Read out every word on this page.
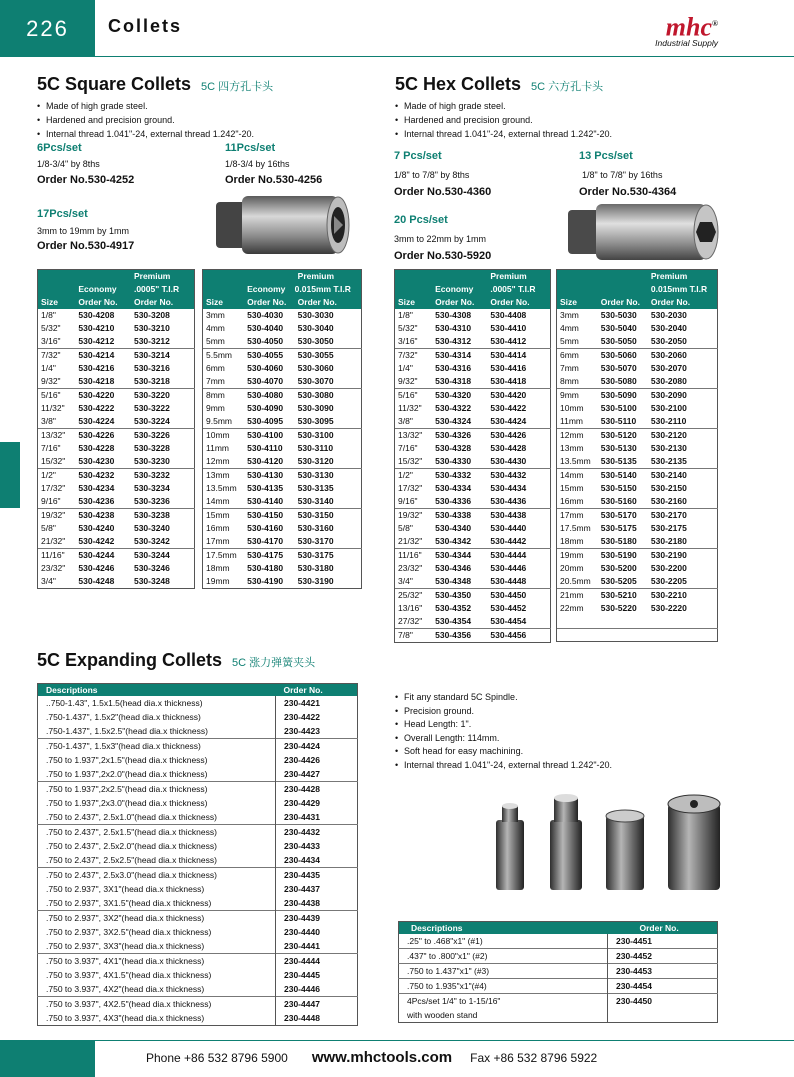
226	Collets	mhc®
Industrial Supply
5C Square Collets 5C 四方孔卡头
• Made of high grade steel.
• Hardened and precision ground.
• Internal thread 1.041"-24, external thread 1.242"-20.
6Pcs/set
1/8-3/4" by 8ths
Order No.530-4252
11Pcs/set
1/8-3/4 by 16ths
Order No.530-4256
17Pcs/set
3mm to 19mm by 1mm
Order No.530-4917
		Premium
	Economy	.0005" T.I.R
Size	Order No.	Order No.
1/8"	530-4208	530-3208
5/32"	530-4210	530-3210
3/16"	530-4212	530-3212
7/32"	530-4214	530-3214
1/4"	530-4216	530-3216
9/32"	530-4218	530-3218
5/16"	530-4220	530-3220
11/32"	530-4222	530-3222
3/8"	530-4224	530-3224
13/32"	530-4226	530-3226
7/16"	530-4228	530-3228
15/32"	530-4230	530-3230
1/2"	530-4232	530-3232
17/32"	530-4234	530-3234
9/16"	530-4236	530-3236
19/32"	530-4238	530-3238
5/8"	530-4240	530-3240
21/32"	530-4242	530-3242
11/16"	530-4244	530-3244
23/32"	530-4246	530-3246
3/4"	530-4248	530-3248
		Premium
	Economy	0.015mm T.I.R
Size	Order No.	Order No.
3mm	530-4030	530-3030
4mm	530-4040	530-3040
5mm	530-4050	530-3050
5.5mm	530-4055	530-3055
6mm	530-4060	530-3060
7mm	530-4070	530-3070
8mm	530-4080	530-3080
9mm	530-4090	530-3090
9.5mm	530-4095	530-3095
10mm	530-4100	530-3100
11mm	530-4110	530-3110
12mm	530-4120	530-3120
13mm	530-4130	530-3130
13.5mm	530-4135	530-3135
14mm	530-4140	530-3140
15mm	530-4150	530-3150
16mm	530-4160	530-3160
17mm	530-4170	530-3170
17.5mm	530-4175	530-3175
18mm	530-4180	530-3180
19mm	530-4190	530-3190
5C Hex Collets 5C 六方孔卡头
• Made of high grade steel.
• Hardened and precision ground.
• Internal thread 1.041"-24, external thread 1.242"-20.
7 Pcs/set
1/8" to 7/8" by 8ths
Order No.530-4360
13 Pcs/set
1/8" to 7/8" by 16ths
Order No.530-4364
20 Pcs/set
3mm to 22mm by 1mm
Order No.530-5920
		Premium
	Economy	.0005" T.I.R
Size	Order No.	Order No.
1/8"	530-4308	530-4408
5/32"	530-4310	530-4410
3/16"	530-4312	530-4412
7/32"	530-4314	530-4414
1/4"	530-4316	530-4416
9/32"	530-4318	530-4418
5/16"	530-4320	530-4420
11/32"	530-4322	530-4422
3/8"	530-4324	530-4424
13/32"	530-4326	530-4426
7/16"	530-4328	530-4428
15/32"	530-4330	530-4430
1/2"	530-4332	530-4432
17/32"	530-4334	530-4434
9/16"	530-4336	530-4436
19/32"	530-4338	530-4438
5/8"	530-4340	530-4440
21/32"	530-4342	530-4442
11/16"	530-4344	530-4444
23/32"	530-4346	530-4446
3/4"	530-4348	530-4448
25/32"	530-4350	530-4450
13/16"	530-4352	530-4452
27/32"	530-4354	530-4454
7/8"	530-4356	530-4456
		Premium
		0.015mm T.I.R
Size	Order No.	Order No.
3mm	530-5030	530-2030
4mm	530-5040	530-2040
5mm	530-5050	530-2050
6mm	530-5060	530-2060
7mm	530-5070	530-2070
8mm	530-5080	530-2080
9mm	530-5090	530-2090
10mm	530-5100	530-2100
11mm	530-5110	530-2110
12mm	530-5120	530-2120
13mm	530-5130	530-2130
13.5mm	530-5135	530-2135
14mm	530-5140	530-2140
15mm	530-5150	530-2150
16mm	530-5160	530-2160
17mm	530-5170	530-2170
17.5mm	530-5175	530-2175
18mm	530-5180	530-2180
19mm	530-5190	530-2190
20mm	530-5200	530-2200
20.5mm	530-5205	530-2205
21mm	530-5210	530-2210
22mm	530-5220	530-2220

5C Expanding Collets 5C 涨力弹簧夹头
Descriptions	Order No.
..750-1.43", 1.5x1.5(head dia.x thickness)	230-4421
.750-1.437", 1.5x2"(head dia.x thickness)	230-4422
.750-1.437", 1.5x2.5"(head dia.x thickness)	230-4423
.750-1.437", 1.5x3"(head dia.x thickness)	230-4424
.750 to 1.937",2x1.5"(head dia.x thickness)	230-4426
.750 to 1.937",2x2.0"(head dia.x thickness)	230-4427
.750 to 1.937",2x2.5"(head dia.x thickness)	230-4428
.750 to 1.937",2x3.0"(head dia.x thickness)	230-4429
.750 to 2.437", 2.5x1.0"(head dia.x thickness)	230-4431
.750 to 2.437", 2.5x1.5"(head dia.x thickness)	230-4432
.750 to 2.437", 2.5x2.0"(head dia.x thickness)	230-4433
.750 to 2.437", 2.5x2.5"(head dia.x thickness)	230-4434
.750 to 2.437", 2.5x3.0"(head dia.x thickness)	230-4435
.750 to 2.937", 3X1"(head dia.x thickness)	230-4437
.750 to 2.937", 3X1.5"(head dia.x thickness)	230-4438
.750 to 2.937", 3X2"(head dia.x thickness)	230-4439
.750 to 2.937", 3X2.5"(head dia.x thickness)	230-4440
.750 to 2.937", 3X3"(head dia.x thickness)	230-4441
.750 to 3.937", 4X1"(head dia.x thickness)	230-4444
.750 to 3.937", 4X1.5"(head dia.x thickness)	230-4445
.750 to 3.937", 4X2"(head dia.x thickness)	230-4446
.750 to 3.937", 4X2.5"(head dia.x thickness)	230-4447
.750 to 3.937", 4X3"(head dia.x thickness)	230-4448
• Fit any standard 5C Spindle.
• Precision ground.
• Head Length: 1".
• Overall Length: 114mm.
• Soft head for easy machining.
• Internal thread 1.041"-24, external thread 1.242"-20.
Descriptions	Order No.
.25" to .468"x1" (#1)	230-4451
.437" to .800"x1" (#2)	230-4452
.750 to 1.437"x1" (#3)	230-4453
.750 to 1.935"x1"(#4)	230-4454
4Pcs/set 1/4" to 1-15/16"	230-4450
with wooden stand	
Phone +86 532 8796 5900 www.mhctools.com Fax +86 532 8796 5922
